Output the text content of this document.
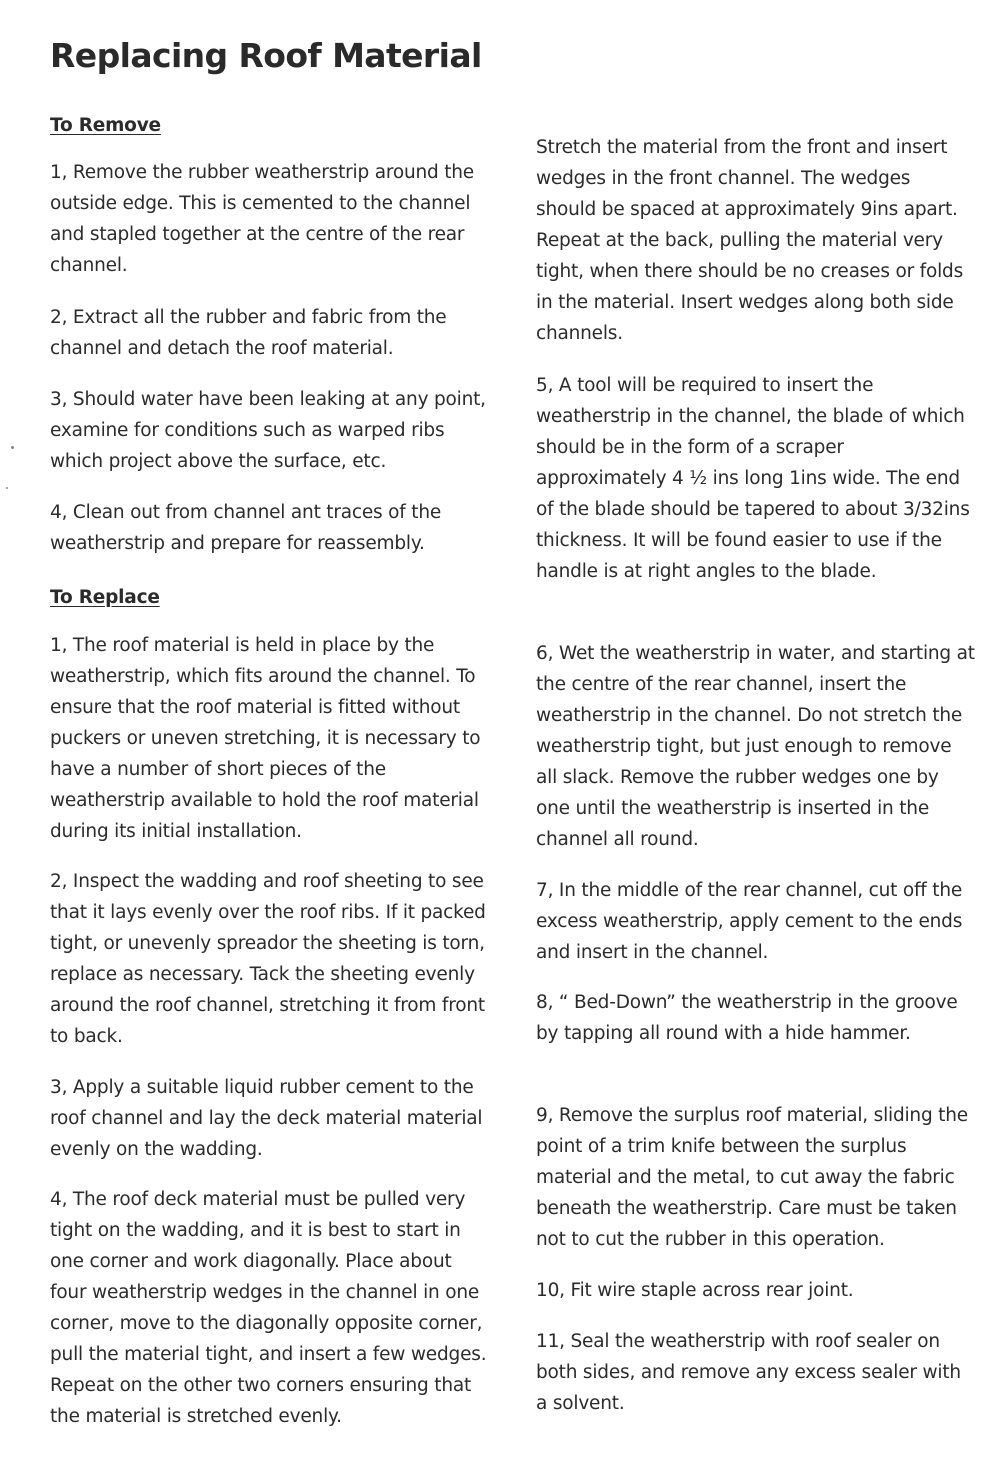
Replacing Roof Material
To Remove

1, Remove the rubber weatherstrip around the outside edge. This is cemented to the channel and stapled together at the centre of the rear channel.

2, Extract all the rubber and fabric from the channel and detach the roof material.

3, Should water have been leaking at any point, examine for conditions such as warped ribs which project above the surface, etc.

4, Clean out from channel ant traces of the weatherstrip and prepare for reassembly.

To Replace

1, The roof material is held in place by the weatherstrip, which fits around the channel. To ensure that the roof material is fitted without puckers or uneven stretching, it is necessary to have a number of short pieces of the weatherstrip available to hold the roof material during its initial installation.

2, Inspect the wadding and roof sheeting to see that it lays evenly over the roof ribs. If it packed tight, or unevenly spreador the sheeting is torn, replace as necessary. Tack the sheeting evenly around the roof channel, stretching it from front to back.

3, Apply a suitable liquid rubber cement to the roof channel and lay the deck material material evenly on the wadding.

4, The roof deck material must be pulled very tight on the wadding, and it is best to start in one corner and work diagonally. Place about four weatherstrip wedges in the channel in one corner, move to the diagonally opposite corner, pull the material tight, and insert a few wedges. Repeat on the other two corners ensuring that the material is stretched evenly.

Stretch the material from the front and insert wedges in the front channel. The wedges should be spaced at approximately 9ins apart. Repeat at the back, pulling the material very tight, when there should be no creases or folds in the material. Insert wedges along both side channels.

5, A tool will be required to insert the weatherstrip in the channel, the blade of which should be in the form of a scraper approximately 4 ½ ins long 1ins wide. The end of the blade should be tapered to about 3/32ins thickness. It will be found easier to use if the handle is at right angles to the blade.

6, Wet the weatherstrip in water, and starting at the centre of the rear channel, insert the weatherstrip in the channel. Do not stretch the weatherstrip tight, but just enough to remove all slack. Remove the rubber wedges one by one until the weatherstrip is inserted in the channel all round.

7, In the middle of the rear channel, cut off the excess weatherstrip, apply cement to the ends and insert in the channel.

8, “ Bed-Down” the weatherstrip in the groove by tapping all round with a hide hammer.

9, Remove the surplus roof material, sliding the point of a trim knife between the surplus material and the metal, to cut away the fabric beneath the weatherstrip. Care must be taken not to cut the rubber in this operation.

10, Fit wire staple across rear joint.

11, Seal the weatherstrip with roof sealer on both sides, and remove any excess sealer with a solvent.
